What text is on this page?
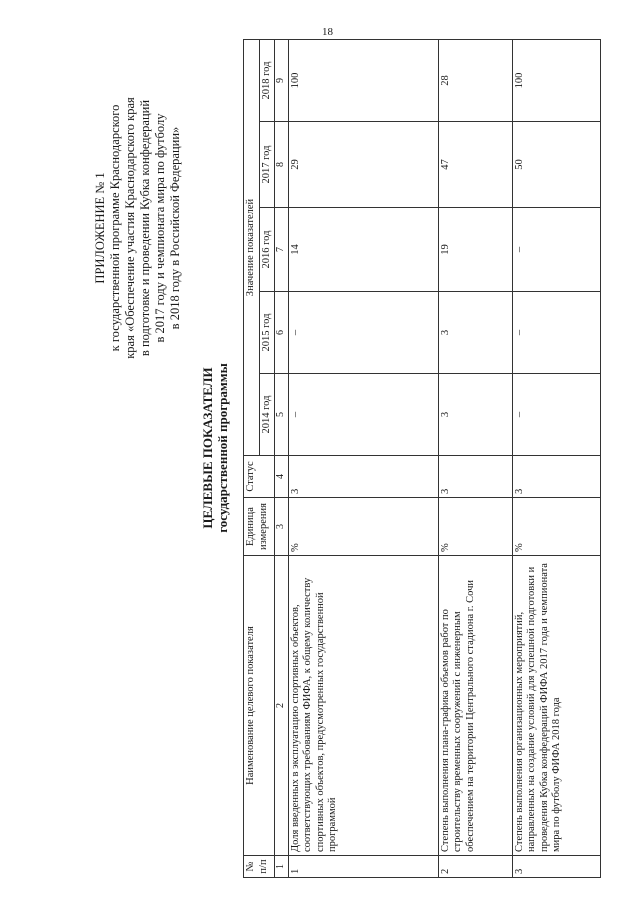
18
ПРИЛОЖЕНИЕ № 1 к государственной программе Краснодарского края «Обеспечение участия Краснодарского края в подготовке и проведении Кубка конфедераций в 2017 году и чемпионата мира по футболу в 2018 году в Российской Федерации»
ЦЕЛЕВЫЕ ПОКАЗАТЕЛИ государственной программы
№ п/п	Наименование целевого показателя	Единица измерения	Статус	Значение показателей				
				2014 год	2015 год	2016 год	2017 год	2018 год
1	2	3	4	5	6	7	8	9
1	Доля введенных в эксплуатацию спортивных объектов, соответствующих требованиям ФИФА, к общему количеству спортивных объектов, предусмотренных государственной программой	%	3	–	–	14	29	100
2	Степень выполнения плана-графика объемов работ по строительству временных сооружений с инженерным обеспечением на территории Центрального стадиона г. Сочи	%	3	3	3	19	47	28
3	Степень выполнения организационных мероприятий, направленных на создание условий для успешной подготовки и проведения Кубка конфедераций ФИФА 2017 года и чемпионата мира по футболу ФИФА 2018 года	%	3	–	–	–	50	100
